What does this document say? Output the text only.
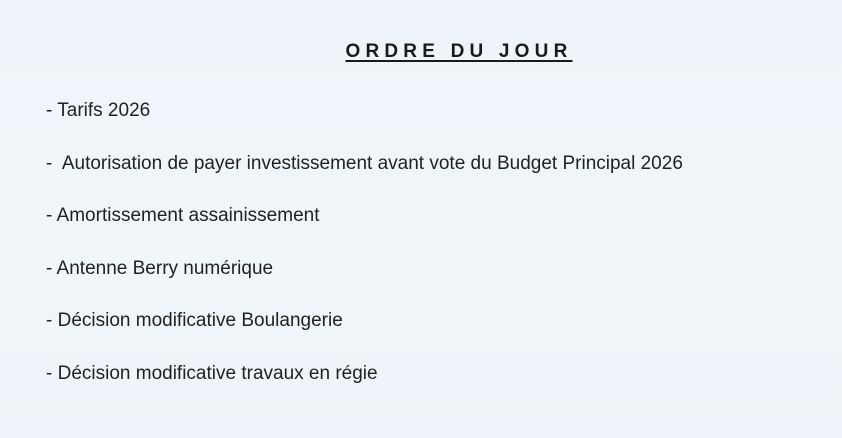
ORDRE DU JOUR
- Tarifs 2026
-  Autorisation de payer investissement avant vote du Budget Principal 2026
- Amortissement assainissement
- Antenne Berry numérique
- Décision modificative Boulangerie
- Décision modificative travaux en régie
